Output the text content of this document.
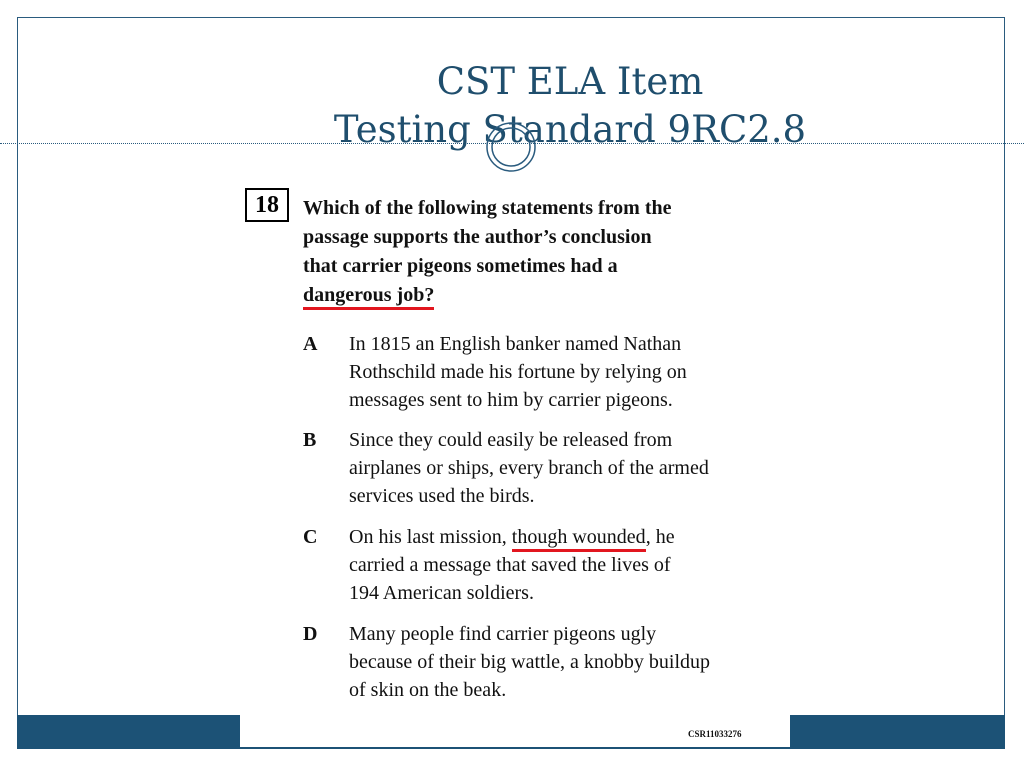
CST ELA Item
Testing Standard 9RC2.8
18	Which of the following statements from the
passage supports the author’s conclusion
that carrier pigeons sometimes had a
dangerous job?
A In 1815 an English banker named Nathan
Rothschild made his fortune by relying on
messages sent to him by carrier pigeons.
B Since they could easily be released from
airplanes or ships, every branch of the armed
services used the birds.
C On his last mission, though wounded, he
carried a message that saved the lives of
194 American soldiers.
D Many people find carrier pigeons ugly
because of their big wattle, a knobby buildup
of skin on the beak.
CSR11033276
